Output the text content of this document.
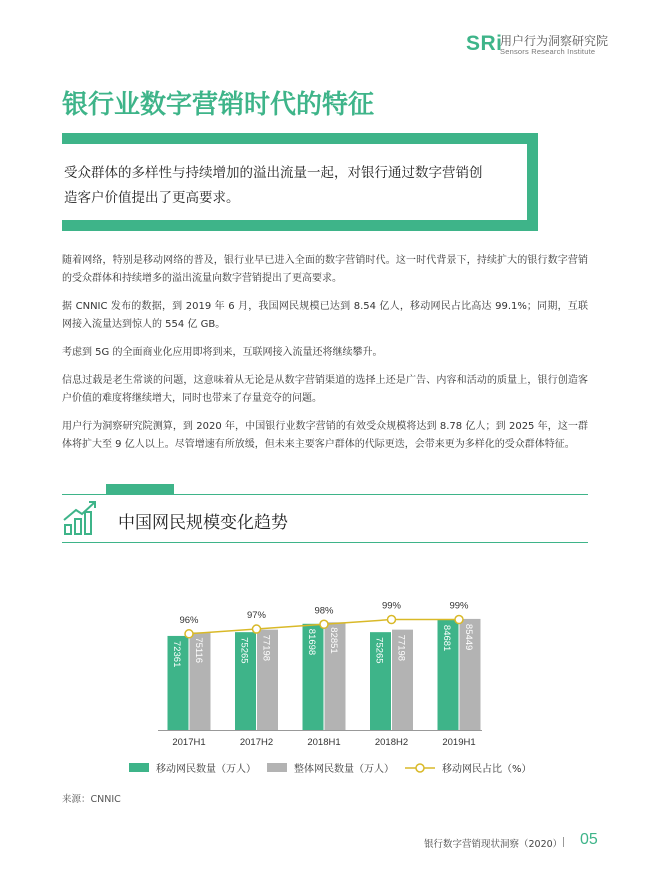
SRi
用户行为洞察研究院
Sensors Research Institute
银行业数字营销时代的特征

受众群体的多样性与持续增加的溢出流量一起，对银行通过数字营销创造客户价值提出了更高要求。

随着网络，特别是移动网络的普及，银行业早已进入全面的数字营销时代。这一时代背景下，持续扩大的银行数字营销的受众群体和持续增多的溢出流量向数字营销提出了更高要求。

据 CNNIC 发布的数据，到 2019 年 6 月，我国网民规模已达到 8.54 亿人，移动网民占比高达 99.1%；同期，互联网接入流量达到惊人的 554 亿 GB。

考虑到 5G 的全面商业化应用即将到来，互联网接入流量还将继续攀升。

信息过载是老生常谈的问题，这意味着从无论是从数字营销渠道的选择上还是广告、内容和活动的质量上，银行创造客户价值的难度将继续增大，同时也带来了存量竞夺的问题。

用户行为洞察研究院测算，到 2020 年，中国银行业数字营销的有效受众规模将达到 8.78 亿人；到 2025 年，这一群体将扩大至 9 亿人以上。尽管增速有所放缓，但未来主要客户群体的代际更迭，会带来更为多样化的受众群体特征。

中国网民规模变化趋势
72361 75116
2017H1
75265 77198
2017H2
81698 82851
2018H1
75265 77198
2018H2
84681 85449
2019H1
96%	97%	98%	99%	99%
移动网民数量（万人）	整体网民数量（万人）	移动网民占比（%）
来源：CNNIC
银行数字营销现状洞察（2020） 05
